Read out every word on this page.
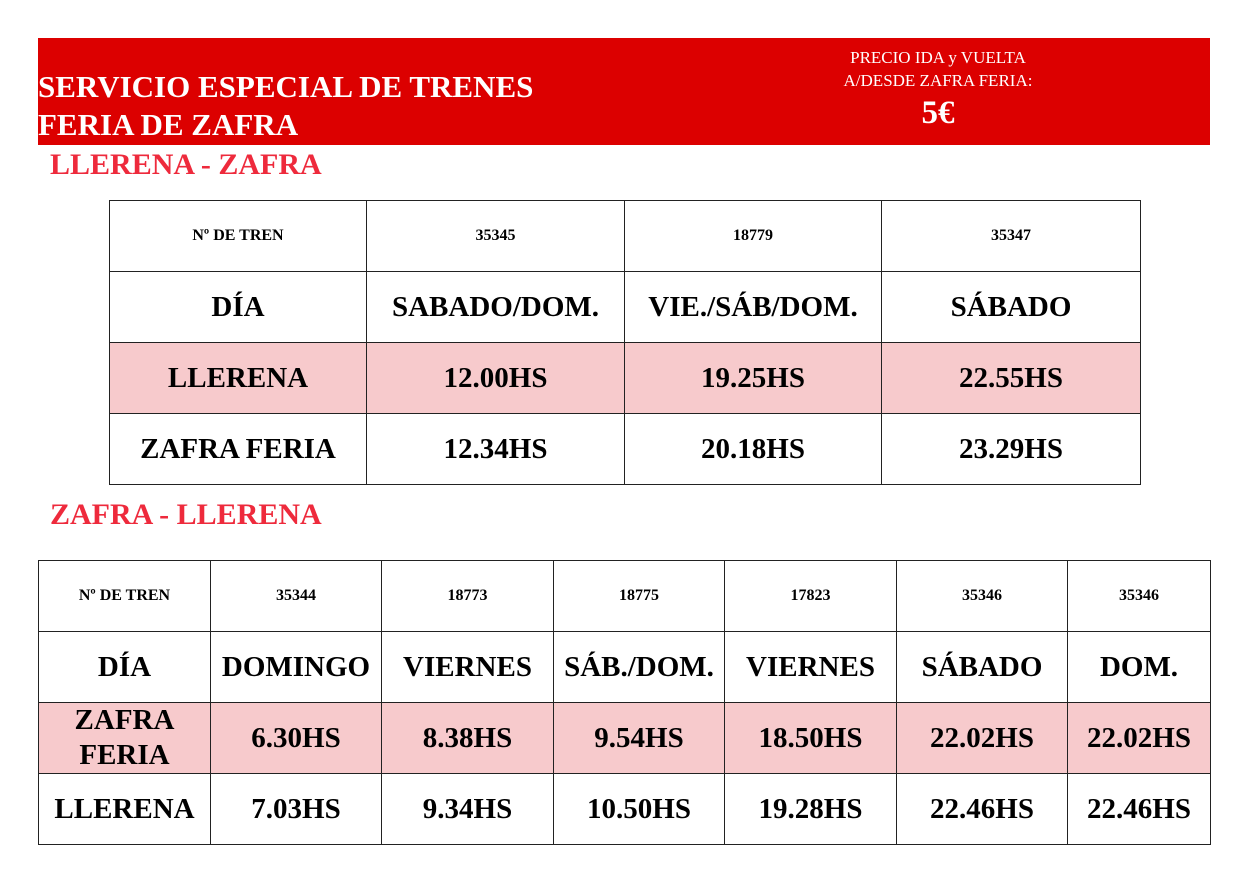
SERVICIO ESPECIAL DE TRENES
FERIA DE ZAFRA
PRECIO IDA y VUELTA
A/DESDE ZAFRA FERIA:
5€
LLERENA - ZAFRA
Nº DE TREN	35345	18779	35347
DÍA	SABADO/DOM.	VIE./SÁB/DOM.	SÁBADO
LLERENA	12.00HS	19.25HS	22.55HS
ZAFRA FERIA	12.34HS	20.18HS	23.29HS
ZAFRA - LLERENA
Nº DE TREN	35344	18773	18775	17823	35346	35346
DÍA	DOMINGO	VIERNES	SÁB./DOM.	VIERNES	SÁBADO	DOM.
ZAFRA FERIA	6.30HS	8.38HS	9.54HS	18.50HS	22.02HS	22.02HS
LLERENA	7.03HS	9.34HS	10.50HS	19.28HS	22.46HS	22.46HS
